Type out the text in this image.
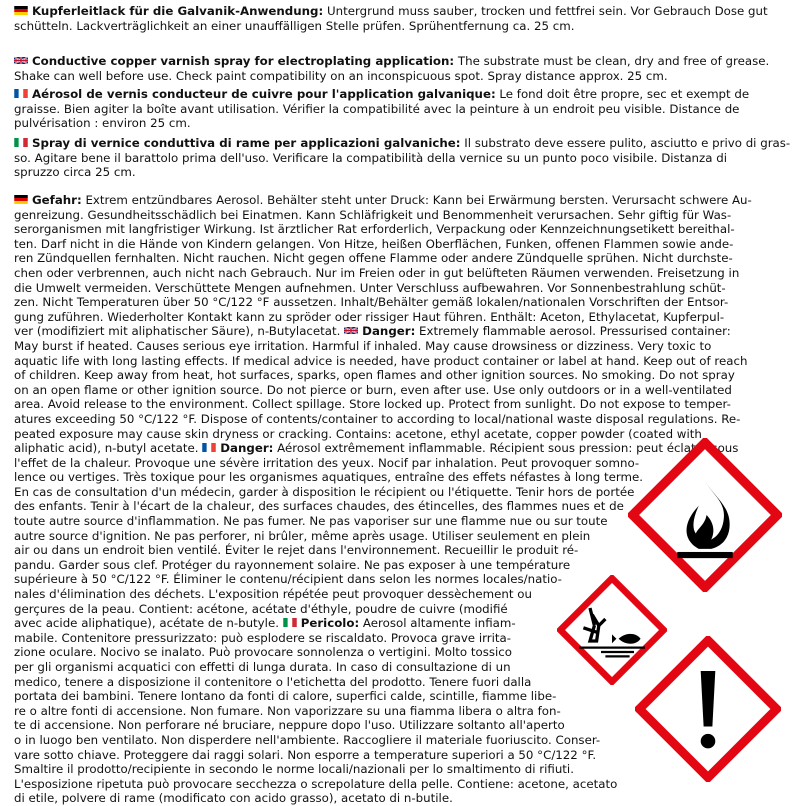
Kupferleitlack für die Galvanik-Anwendung: Untergrund muss sauber, trocken und fettfrei sein. Vor Gebrauch Dose gut
schütteln. Lackverträglichkeit an einer unauffälligen Stelle prüfen. Sprühentfernung ca. 25 cm.
Conductive copper varnish spray for electroplating application: The substrate must be clean, dry and free of grease.
Shake can well before use. Check paint compatibility on an inconspicuous spot. Spray distance approx. 25 cm.
Aérosol de vernis conducteur de cuivre pour l'application galvanique: Le fond doit être propre, sec et exempt de
graisse. Bien agiter la boîte avant utilisation. Vérifier la compatibilité avec la peinture à un endroit peu visible. Distance de
pulvérisation : environ 25 cm.
Spray di vernice conduttiva di rame per applicazioni galvaniche: Il substrato deve essere pulito, asciutto e privo di gras-
so. Agitare bene il barattolo prima dell'uso. Verificare la compatibilità della vernice su un punto poco visibile. Distanza di
spruzzo circa 25 cm.
Gefahr: Extrem entzündbares Aerosol. Behälter steht unter Druck: Kann bei Erwärmung bersten. Verursacht schwere Au-
genreizung. Gesundheitsschädlich bei Einatmen. Kann Schläfrigkeit und Benommenheit verursachen. Sehr giftig für Was-
serorganismen mit langfristiger Wirkung. Ist ärztlicher Rat erforderlich, Verpackung oder Kennzeichnungsetikett bereithal-
ten. Darf nicht in die Hände von Kindern gelangen. Von Hitze, heißen Oberflächen, Funken, offenen Flammen sowie ande-
ren Zündquellen fernhalten. Nicht rauchen. Nicht gegen offene Flamme oder andere Zündquelle sprühen. Nicht durchste-
chen oder verbrennen, auch nicht nach Gebrauch. Nur im Freien oder in gut belüfteten Räumen verwenden. Freisetzung in
die Umwelt vermeiden. Verschüttete Mengen aufnehmen. Unter Verschluss aufbewahren. Vor Sonnenbestrahlung schüt-
zen. Nicht Temperaturen über 50 °C/122 °F aussetzen. Inhalt/Behälter gemäß lokalen/nationalen Vorschriften der Entsor-
gung zuführen. Wiederholter Kontakt kann zu spröder oder rissiger Haut führen. Enthält: Aceton, Ethylacetat, Kupferpul-
ver (modifiziert mit aliphatischer Säure), n-Butylacetat. Danger: Extremely flammable aerosol. Pressurised container:
May burst if heated. Causes serious eye irritation. Harmful if inhaled. May cause drowsiness or dizziness. Very toxic to
aquatic life with long lasting effects. If medical advice is needed, have product container or label at hand. Keep out of reach
of children. Keep away from heat, hot surfaces, sparks, open flames and other ignition sources. No smoking. Do not spray
on an open flame or other ignition source. Do not pierce or burn, even after use. Use only outdoors or in a well-ventilated
area. Avoid release to the environment. Collect spillage. Store locked up. Protect from sunlight. Do not expose to temper-
atures exceeding 50 °C/122 °F. Dispose of contents/container to according to local/national waste disposal regulations. Re-
peated exposure may cause skin dryness or cracking. Contains: acetone, ethyl acetate, copper powder (coated with
aliphatic acid), n-butyl acetate. Danger: Aérosol extrêmement inflammable. Récipient sous pression: peut éclater sous
l'effet de la chaleur. Provoque une sévère irritation des yeux. Nocif par inhalation. Peut provoquer somno-
lence ou vertiges. Très toxique pour les organismes aquatiques, entraîne des effets néfastes à long terme.
En cas de consultation d'un médecin, garder à disposition le récipient ou l'étiquette. Tenir hors de portée
des enfants. Tenir à l'écart de la chaleur, des surfaces chaudes, des étincelles, des flammes nues et de
toute autre source d'inflammation. Ne pas fumer. Ne pas vaporiser sur une flamme nue ou sur toute
autre source d'ignition. Ne pas perforer, ni brûler, même après usage. Utiliser seulement en plein
air ou dans un endroit bien ventilé. Éviter le rejet dans l'environnement. Recueillir le produit ré-
pandu. Garder sous clef. Protéger du rayonnement solaire. Ne pas exposer à une température
supérieure à 50 °C/122 °F. Éliminer le contenu/récipient dans selon les normes locales/natio-
nales d'élimination des déchets. L'exposition répétée peut provoquer dessèchement ou
gerçures de la peau. Contient: acétone, acétate d'éthyle, poudre de cuivre (modifié
avec acide aliphatique), acétate de n-butyle. Pericolo: Aerosol altamente infiam-
mabile. Contenitore pressurizzato: può esplodere se riscaldato. Provoca grave irrita-
zione oculare. Nocivo se inalato. Può provocare sonnolenza o vertigini. Molto tossico
per gli organismi acquatici con effetti di lunga durata. In caso di consultazione di un
medico, tenere a disposizione il contenitore o l'etichetta del prodotto. Tenere fuori dalla
portata dei bambini. Tenere lontano da fonti di calore, superfici calde, scintille, fiamme libe-
re o altre fonti di accensione. Non fumare. Non vaporizzare su una fiamma libera o altra fon-
te di accensione. Non perforare né bruciare, neppure dopo l'uso. Utilizzare soltanto all'aperto
o in luogo ben ventilato. Non disperdere nell'ambiente. Raccogliere il materiale fuoriuscito. Conser-
vare sotto chiave. Proteggere dai raggi solari. Non esporre a temperature superiori a 50 °C/122 °F.
Smaltire il prodotto/recipiente in secondo le norme locali/nazionali per lo smaltimento di rifiuti.
L'esposizione ripetuta può provocare secchezza o screpolature della pelle. Contiene: acetone, acetato
di etile, polvere di rame (modificato con acido grasso), acetato di n-butile.
